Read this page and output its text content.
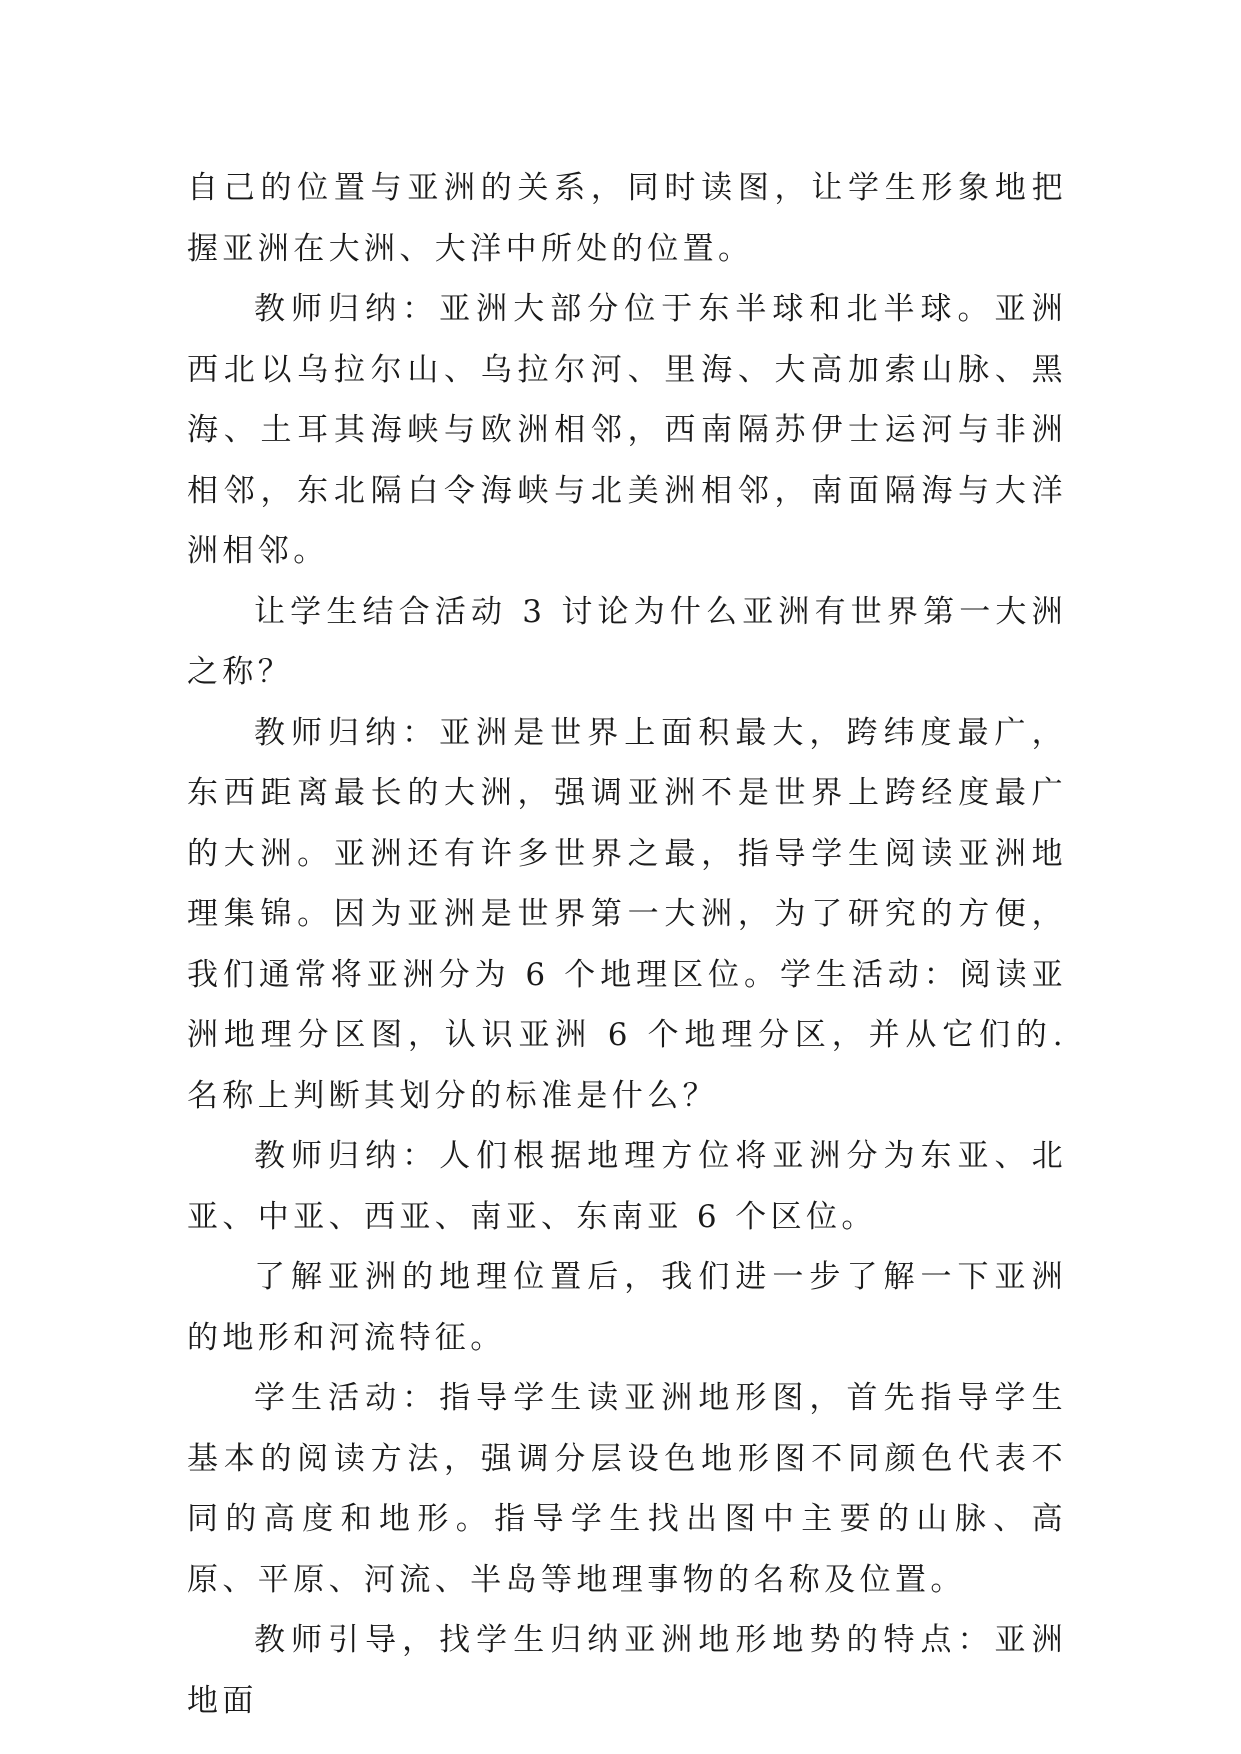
自己的位置与亚洲的关系，同时读图，让学生形象地把握亚洲在大洲、大洋中所处的位置。

教师归纳：亚洲大部分位于东半球和北半球。亚洲西北以乌拉尔山、乌拉尔河、里海、大高加索山脉、黑海、土耳其海峡与欧洲相邻，西南隔苏伊士运河与非洲相邻，东北隔白令海峡与北美洲相邻，南面隔海与大洋洲相邻。

让学生结合活动 3 讨论为什么亚洲有世界第一大洲之称？

教师归纳：亚洲是世界上面积最大，跨纬度最广，东西距离最长的大洲，强调亚洲不是世界上跨经度最广的大洲。亚洲还有许多世界之最，指导学生阅读亚洲地理集锦。因为亚洲是世界第一大洲，为了研究的方便，我们通常将亚洲分为 6 个地理区位。学生活动：阅读亚洲地理分区图，认识亚洲 6 个地理分区，并从它们的.名称上判断其划分的标准是什么？

教师归纳：人们根据地理方位将亚洲分为东亚、北亚、中亚、西亚、南亚、东南亚 6 个区位。

了解亚洲的地理位置后，我们进一步了解一下亚洲的地形和河流特征。

学生活动：指导学生读亚洲地形图，首先指导学生基本的阅读方法，强调分层设色地形图不同颜色代表不同的高度和地形。指导学生找出图中主要的山脉、高原、平原、河流、半岛等地理事物的名称及位置。

教师引导，找学生归纳亚洲地形地势的特点：亚洲地面
